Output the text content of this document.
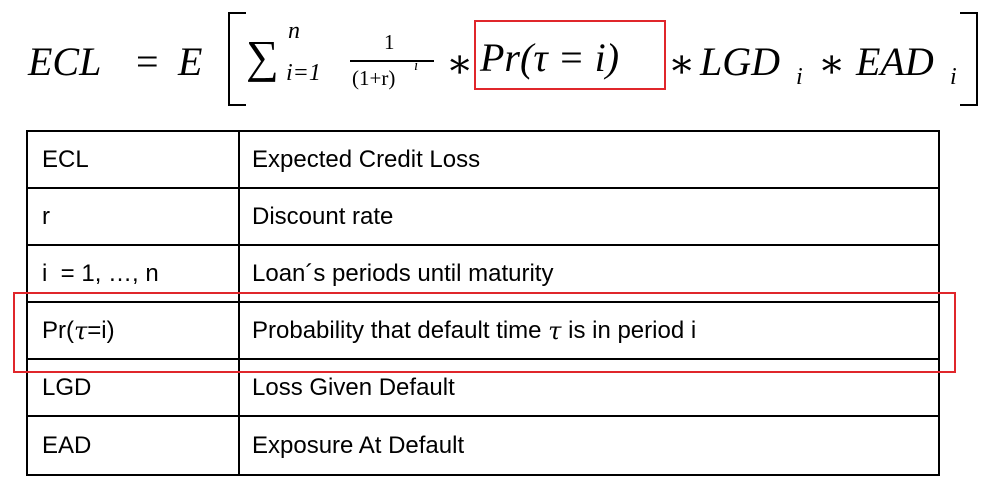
ECL = E ∑ n
i=1
1
(1+r) i ∗ Pr(τ = i) ∗ LGD i ∗ EAD i
ECL	Expected Credit Loss
r	Discount rate
i  = 1, …, n	Loan´s periods until maturity
Pr( τ =i)	Probability that default time τ is in period i
LGD	Loss Given Default
EAD	Exposure At Default
